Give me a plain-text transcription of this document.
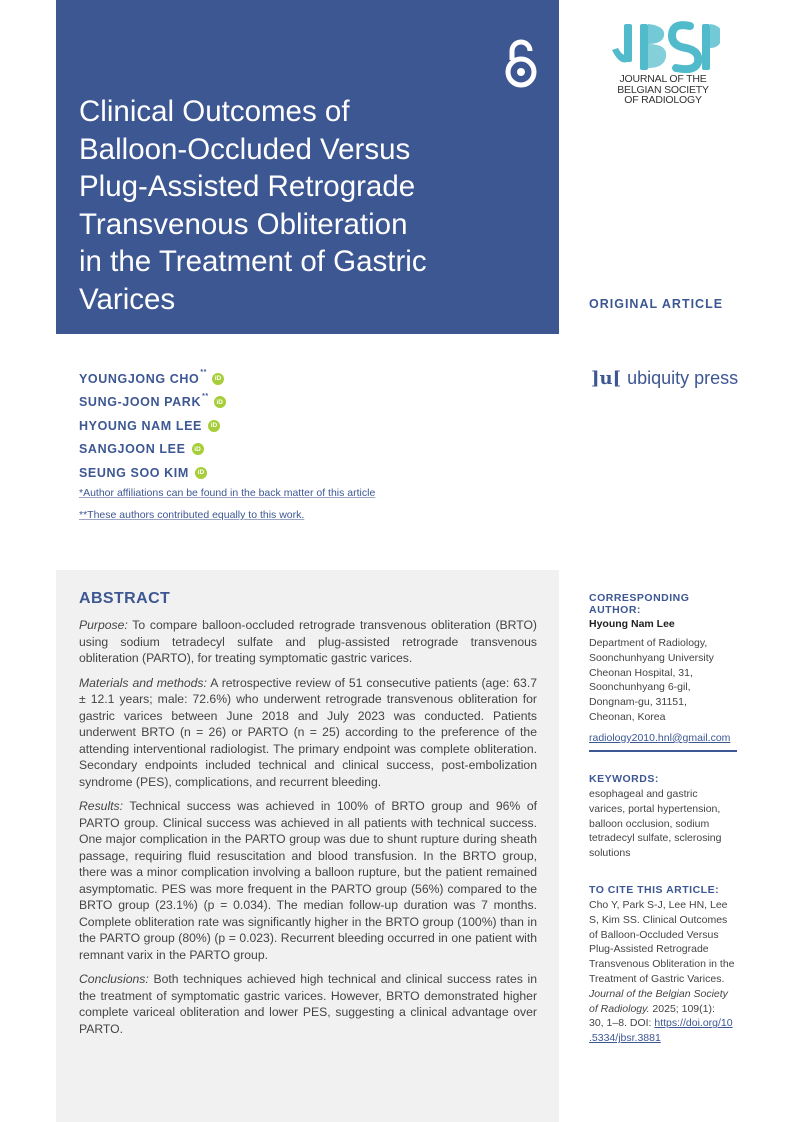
Clinical Outcomes of
Balloon-Occluded Versus
Plug-Assisted Retrograde
Transvenous Obliteration
in the Treatment of Gastric
Varices
JOURNAL OF THE
BELGIAN SOCIETY
OF RADIOLOGY
ORIGINAL ARTICLE
]u[ ubiquity press
YOUNGJONG CHO**
iD
SUNG-JOON PARK**
iD
HYOUNG NAM LEE	iD
SANGJOON LEE	iD
SEUNG SOO KIM	iD
*Author affiliations can be found in the back matter of this article
**These authors contributed equally to this work.
ABSTRACT

Purpose: To compare balloon-occluded retrograde transvenous obliteration (BRTO) using sodium tetradecyl sulfate and plug-assisted retrograde transvenous obliteration (PARTO), for treating symptomatic gastric varices.

Materials and methods: A retrospective review of 51 consecutive patients (age: 63.7 ± 12.1 years; male: 72.6%) who underwent retrograde transvenous obliteration for gastric varices between June 2018 and July 2023 was conducted. Patients underwent BRTO (n = 26) or PARTO (n = 25) according to the preference of the attending interventional radiologist. The primary endpoint was complete obliteration. Secondary endpoints included technical and clinical success, post-embolization syndrome (PES), complications, and recurrent bleeding.

Results: Technical success was achieved in 100% of BRTO group and 96% of PARTO group. Clinical success was achieved in all patients with technical success. One major complication in the PARTO group was due to shunt rupture during sheath passage, requiring fluid resuscitation and blood transfusion. In the BRTO group, there was a minor complication involving a balloon rupture, but the patient remained asymptomatic. PES was more frequent in the PARTO group (56%) compared to the BRTO group (23.1%) (p = 0.034). The median follow-up duration was 7 months. Complete obliteration rate was significantly higher in the BRTO group (100%) than in the PARTO group (80%) (p = 0.023). Recurrent bleeding occurred in one patient with remnant varix in the PARTO group.

Conclusions: Both techniques achieved high technical and clinical success rates in the treatment of symptomatic gastric varices. However, BRTO demonstrated higher complete variceal obliteration and lower PES, suggesting a clinical advantage over PARTO.

CORRESPONDING AUTHOR:

Hyoung Nam Lee

Department of Radiology,

Soonchunhyang University

Cheonan Hospital, 31,

Soonchunhyang 6-gil,

Dongnam-gu, 31151,

Cheonan, Korea

radiology2010.hnl@gmail.com

KEYWORDS:

esophageal and gastric

varices, portal hypertension,

balloon occlusion, sodium

tetradecyl sulfate, sclerosing

solutions

TO CITE THIS ARTICLE:

Cho Y, Park S-J, Lee HN, Lee

S, Kim SS. Clinical Outcomes

of Balloon-Occluded Versus

Plug-Assisted Retrograde

Transvenous Obliteration in the

Treatment of Gastric Varices.

Journal of the Belgian Society

of Radiology. 2025; 109(1):

30, 1–8. DOI: https://doi.org/10

.5334/jbsr.3881
